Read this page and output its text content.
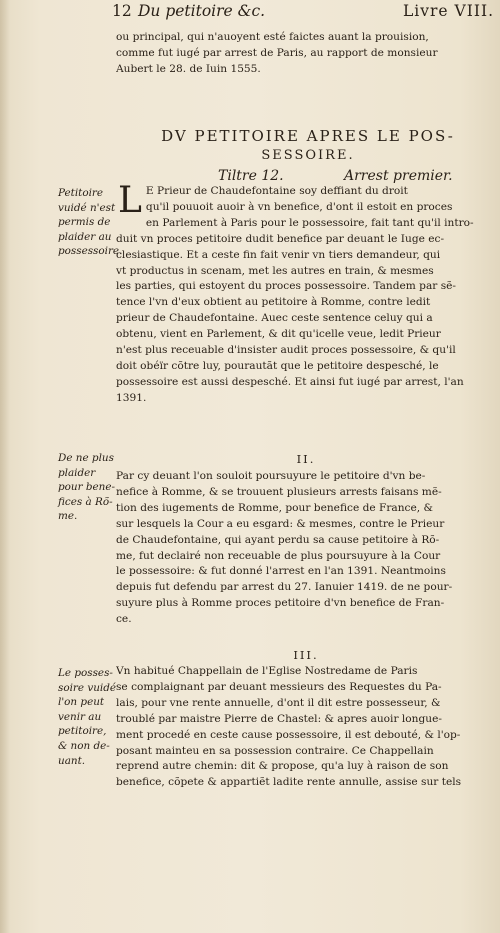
12 Du petitoire &c.	Livre VIII.
ou principal, qui n'auoyent esté faictes auant la prouision,
comme fut iugé par arrest de Paris, au rapport de monsieur
Aubert le 28. de Iuin 1555.
DV PETITOIRE APRES LE POS-
SESSOIRE.
Tiltre 12.	Arrest premier.
L E Prieur de Chaudefontaine soy deffiant du droit
qu'il pouuoit auoir à vn benefice, d'ont il estoit en proces
en Parlement à Paris pour le possessoire, fait tant qu'il intro-
duit vn proces petitoire dudit benefice par deuant le Iuge ec-
clesiastique. Et a ceste fin fait venir vn tiers demandeur, qui
vt productus in scenam, met les autres en train, & mesmes
les parties, qui estoyent du proces possessoire. Tandem par sẽ-
tence l'vn d'eux obtient au petitoire à Romme, contre ledit
prieur de Chaudefontaine. Auec ceste sentence celuy qui a
obtenu, vient en Parlement, & dit qu'icelle veue, ledit Prieur
n'est plus receuable d'insister audit proces possessoire, & qu'il
doit obéïr cõtre luy, pourautãt que le petitoire despesché, le
possessoire est aussi despesché. Et ainsi fut iugé par arrest, l'an
1391.
II.
Par cy deuant l'on souloit poursuyure le petitoire d'vn be-
nefice à Romme, & se trouuent plusieurs arrests faisans mẽ-
tion des iugements de Romme, pour benefice de France, &
sur lesquels la Cour a eu esgard: & mesmes, contre le Prieur
de Chaudefontaine, qui ayant perdu sa cause petitoire à Rõ-
me, fut declairé non receuable de plus poursuyure à la Cour
le possessoire: & fut donné l'arrest en l'an 1391. Neantmoins
depuis fut defendu par arrest du 27. Ianuier 1419. de ne pour-
suyure plus à Romme proces petitoire d'vn benefice de Fran-
ce.
III.
Vn habitué Chappellain de l'Eglise Nostredame de Paris
se complaignant par deuant messieurs des Requestes du Pa-
lais, pour vne rente annuelle, d'ont il dit estre possesseur, &
troublé par maistre Pierre de Chastel: & apres auoir longue-
ment procedé en ceste cause possessoire, il est debouté, & l'op-
posant mainteu en sa possession contraire. Ce Chappellain
reprend autre chemin: dit & propose, qu'a luy à raison de son
benefice, cõpete & appartiẽt ladite rente annulle, assise sur tels
Petitoire
vuidé n'est
permis de
plaider au
possessoire.
De ne plus
plaider
pour bene-
fices à Rõ-
me.
Le posses-
soire vuidé
l'on peut
venir au
petitoire,
& non de-
uant.
